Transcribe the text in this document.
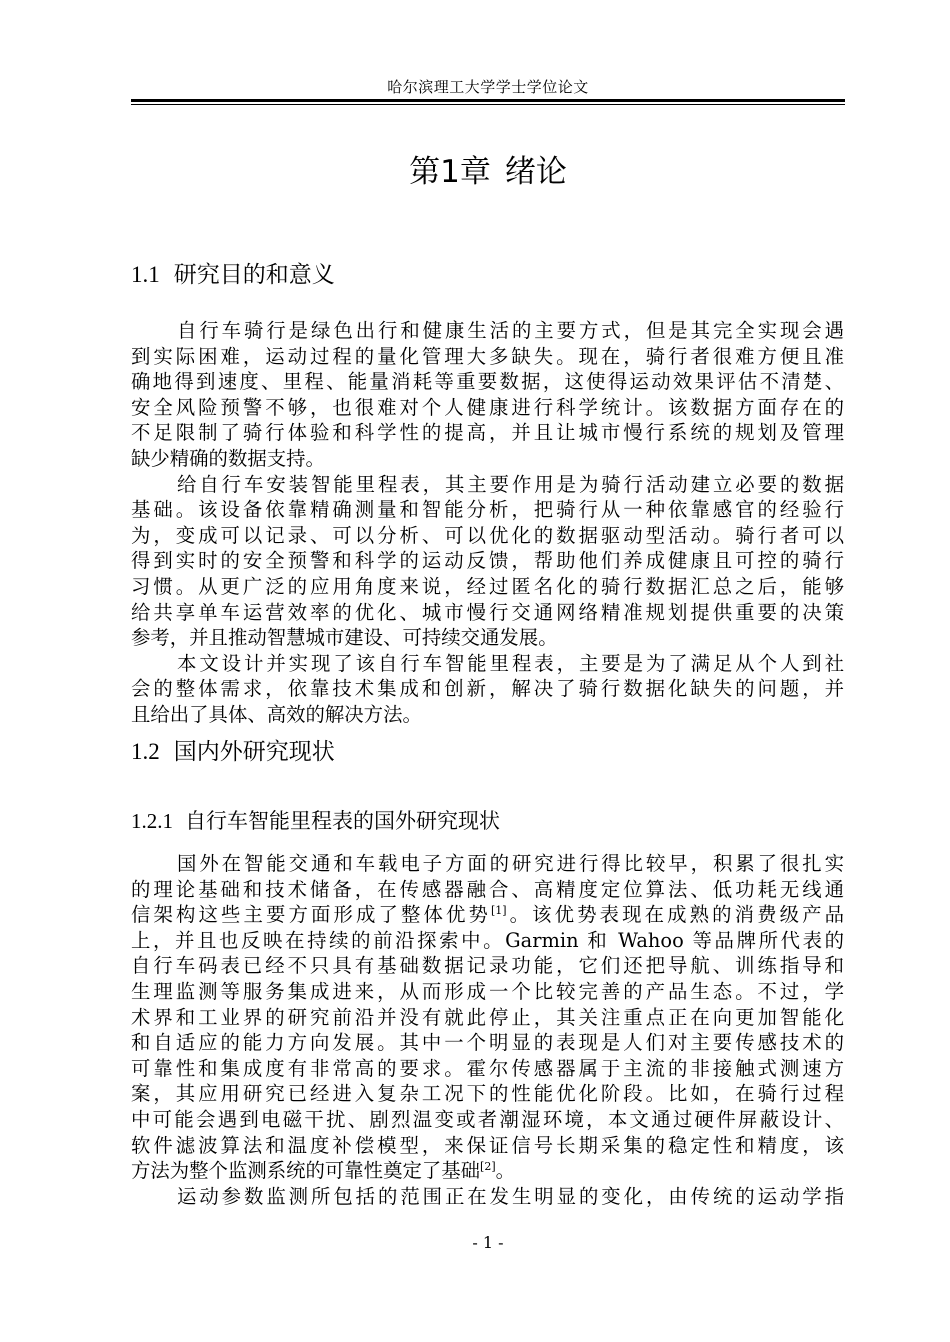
哈尔滨理工大学学士学位论文
第1章 绪论
1.1 研究目的和意义
自行车骑行是绿色出行和健康生活的主要方式，但是其完全实现会遇
到实际困难，运动过程的量化管理大多缺失。现在，骑行者很难方便且准
确地得到速度、里程、能量消耗等重要数据，这使得运动效果评估不清楚、
安全风险预警不够，也很难对个人健康进行科学统计。该数据方面存在的
不足限制了骑行体验和科学性的提高，并且让城市慢行系统的规划及管理
缺少精确的数据支持。
给自行车安装智能里程表，其主要作用是为骑行活动建立必要的数据
基础。该设备依靠精确测量和智能分析，把骑行从一种依靠感官的经验行
为，变成可以记录、可以分析、可以优化的数据驱动型活动。骑行者可以
得到实时的安全预警和科学的运动反馈，帮助他们养成健康且可控的骑行
习惯。从更广泛的应用角度来说，经过匿名化的骑行数据汇总之后，能够
给共享单车运营效率的优化、城市慢行交通网络精准规划提供重要的决策
参考，并且推动智慧城市建设、可持续交通发展。
本文设计并实现了该自行车智能里程表，主要是为了满足从个人到社
会的整体需求，依靠技术集成和创新，解决了骑行数据化缺失的问题，并
且给出了具体、高效的解决方法。
1.2 国内外研究现状
1.2.1 自行车智能里程表的国外研究现状
国外在智能交通和车载电子方面的研究进行得比较早，积累了很扎实
的理论基础和技术储备，在传感器融合、高精度定位算法、低功耗无线通
信架构这些主要方面形成了整体优势[1]。该优势表现在成熟的消费级产品
上，并且也反映在持续的前沿探索中。Garmin 和 Wahoo 等品牌所代表的
自行车码表已经不只具有基础数据记录功能，它们还把导航、训练指导和
生理监测等服务集成进来，从而形成一个比较完善的产品生态。不过，学
术界和工业界的研究前沿并没有就此停止，其关注重点正在向更加智能化
和自适应的能力方向发展。其中一个明显的表现是人们对主要传感技术的
可靠性和集成度有非常高的要求。霍尔传感器属于主流的非接触式测速方
案，其应用研究已经进入复杂工况下的性能优化阶段。比如，在骑行过程
中可能会遇到电磁干扰、剧烈温变或者潮湿环境，本文通过硬件屏蔽设计、
软件滤波算法和温度补偿模型，来保证信号长期采集的稳定性和精度，该
方法为整个监测系统的可靠性奠定了基础[2]。
运动参数监测所包括的范围正在发生明显的变化，由传统的运动学指
- 1 -
